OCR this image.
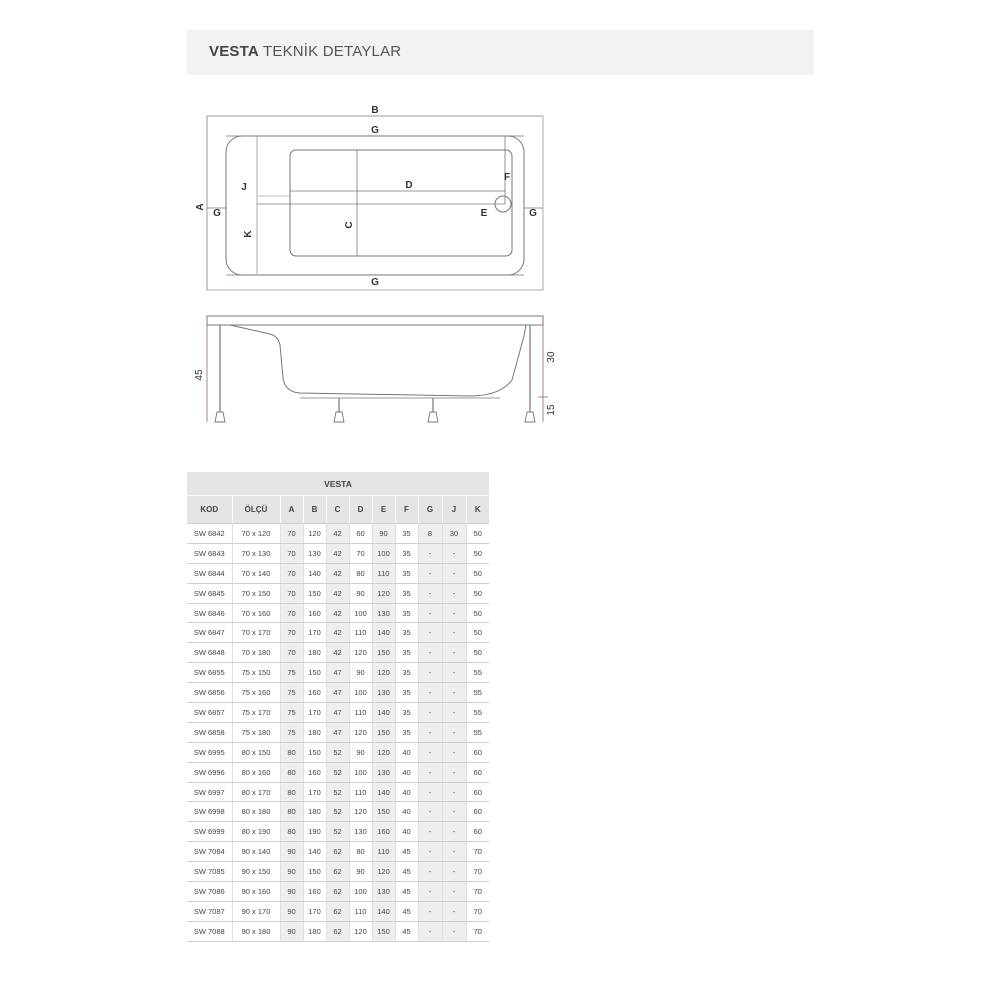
VESTA TEKNİK DETAYLAR
B
G
G
G	G
D
F
E
J
K
C
A
45
30
15
VESTA										
KOD	ÖLÇÜ	A	B	C	D	E	F	G	J	K
SW 6842	70 x 120	70	120	42	60	90	35	8	30	50
SW 6843	70 x 130	70	130	42	70	100	35	-	-	50
SW 6844	70 x 140	70	140	42	80	110	35	-	-	50
SW 6845	70 x 150	70	150	42	90	120	35	-	-	50
SW 6846	70 x 160	70	160	42	100	130	35	-	-	50
SW 6847	70 x 170	70	170	42	110	140	35	-	-	50
SW 6848	70 x 180	70	180	42	120	150	35	-	-	50
SW 6855	75 x 150	75	150	47	90	120	35	-	-	55
SW 6856	75 x 160	75	160	47	100	130	35	-	-	55
SW 6857	75 x 170	75	170	47	110	140	35	-	-	55
SW 6858	75 x 180	75	180	47	120	150	35	-	-	55
SW 6995	80 x 150	80	150	52	90	120	40	-	-	60
SW 6996	80 x 160	80	160	52	100	130	40	-	-	60
SW 6997	80 x 170	80	170	52	110	140	40	-	-	60
SW 6998	80 x 180	80	180	52	120	150	40	-	-	60
SW 6999	80 x 190	80	190	52	130	160	40	-	-	60
SW 7084	90 x 140	90	140	62	80	110	45	-	-	70
SW 7085	90 x 150	90	150	62	90	120	45	-	-	70
SW 7086	90 x 160	90	160	62	100	130	45	-	-	70
SW 7087	90 x 170	90	170	62	110	140	45	-	-	70
SW 7088	90 x 180	90	180	62	120	150	45	-	-	70
